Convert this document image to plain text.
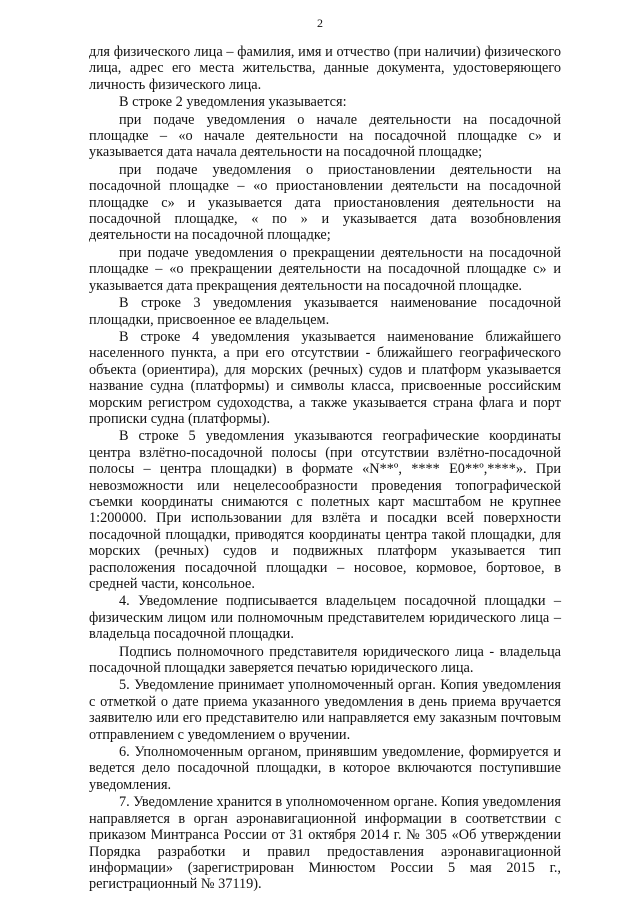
2

для физического лица – фамилия, имя и отчество (при наличии) физического лица, адрес его места жительства, данные документа, удостоверяющего личность физического лица.

В строке 2 уведомления указывается:

при подаче уведомления о начале деятельности на посадочной площадке – «о начале деятельности на посадочной площадке с» и указывается дата начала деятельности на посадочной площадке;

при подаче уведомления о приостановлении деятельности на посадочной площадке – «о приостановлении деятельсти на посадочной площадке с» и указывается дата приостановления деятельности на посадочной площадке, « по » и указывается дата возобновления деятельности на посадочной площадке;

при подаче уведомления о прекращении деятельности на посадочной площадке – «о прекращении деятельности на посадочной площадке с» и указывается дата прекращения деятельности на посадочной площадке.

В строке 3 уведомления указывается наименование посадочной площадки, присвоенное ее владельцем.

В строке 4 уведомления указывается наименование ближайшего населенного пункта, а при его отсутствии - ближайшего географического объекта (ориентира), для морских (речных) судов и платформ указывается название судна (платформы) и символы класса, присвоенные российским морским регистром судоходства, а также указывается страна флага и порт прописки судна (платформы).

В строке 5 уведомления указываются географические координаты центра взлётно-посадочной полосы (при отсутствии взлётно-посадочной полосы – центра площадки) в формате «N**º, **** E0**º,****». При невозможности или нецелесообразности проведения топографической съемки координаты снимаются с полетных карт масштабом не крупнее 1:200000. При использовании для взлёта и посадки всей поверхности посадочной площадки, приводятся координаты центра такой площадки, для морских (речных) судов и подвижных платформ указывается тип расположения посадочной площадки – носовое, кормовое, бортовое, в средней части, консольное.

4. Уведомление подписывается владельцем посадочной площадки – физическим лицом или полномочным представителем юридического лица – владельца посадочной площадки.

Подпись полномочного представителя юридического лица - владельца посадочной площадки заверяется печатью юридического лица.

5. Уведомление принимает уполномоченный орган. Копия уведомления с отметкой о дате приема указанного уведомления в день приема вручается заявителю или его представителю или направляется ему заказным почтовым отправлением с уведомлением о вручении.

6. Уполномоченным органом, принявшим уведомление, формируется и ведется дело посадочной площадки, в которое включаются поступившие уведомления.

7. Уведомление хранится в уполномоченном органе. Копия уведомления направляется в орган аэронавигационной информации в соответствии с приказом Минтранса России от 31 октября 2014 г. № 305 «Об утверждении Порядка разработки и правил предоставления аэронавигационной информации» (зарегистрирован Минюстом России 5 мая 2015 г., регистрационный № 37119).
